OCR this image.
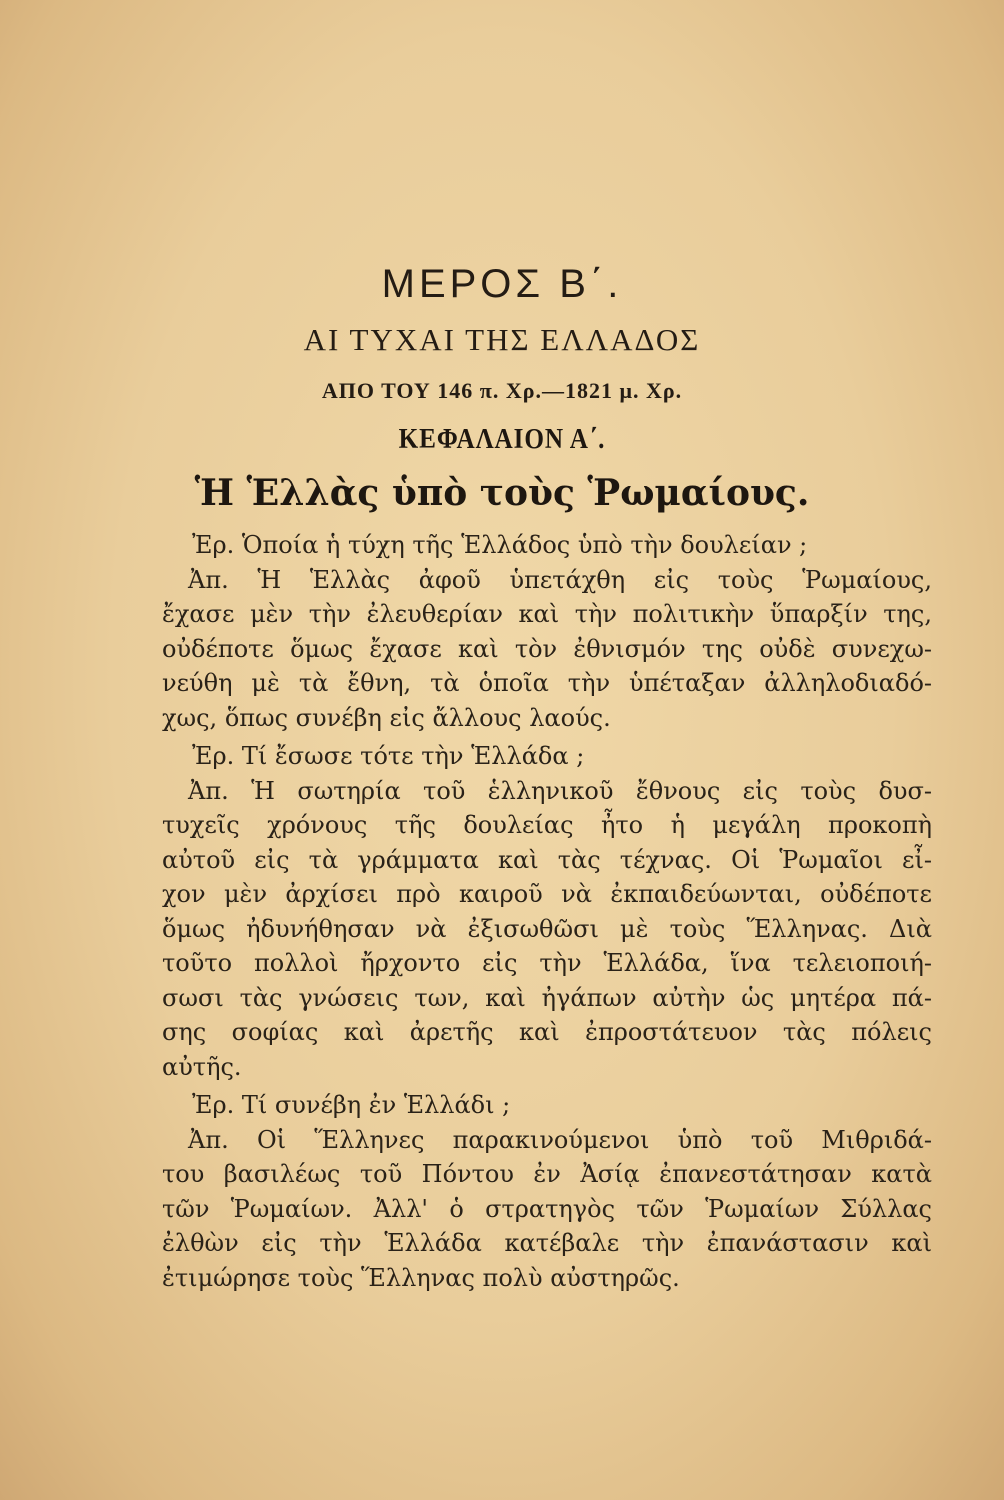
ΜΕΡΟΣ Β΄.
ΑΙ ΤΥΧΑΙ ΤΗΣ ΕΛΛΑΔΟΣ
ΑΠΟ ΤΟΥ 146 π. Χρ.—1821 μ. Χρ.
ΚΕΦΑΛΑΙΟΝ Α΄.
Ἡ Ἑλλὰς ὑπὸ τοὺς Ῥωμαίους.
Ἐρ. Ὁποία ἡ τύχη τῆς Ἑλλάδος ὑπὸ τὴν δουλείαν ;
Ἀπ. Ἡ Ἑλλὰς ἀφοῦ ὑπετάχθη εἰς τοὺς Ῥωμαίους,
ἔχασε μὲν τὴν ἐλευθερίαν καὶ τὴν πολιτικὴν ὕπαρξίν της,
οὐδέποτε ὅμως ἔχασε καὶ τὸν ἐθνισμόν της οὐδὲ συνεχω-
νεύθη μὲ τὰ ἔθνη, τὰ ὁποῖα τὴν ὑπέταξαν ἀλληλοδιαδό-
χως, ὅπως συνέβη εἰς ἄλλους λαούς.
Ἐρ. Τί ἔσωσε τότε τὴν Ἑλλάδα ;
Ἀπ. Ἡ σωτηρία τοῦ ἑλληνικοῦ ἔθνους εἰς τοὺς δυσ-
τυχεῖς χρόνους τῆς δουλείας ἦτο ἡ μεγάλη προκοπὴ
αὐτοῦ εἰς τὰ γράμματα καὶ τὰς τέχνας. Οἱ Ῥωμαῖοι εἶ-
χον μὲν ἀρχίσει πρὸ καιροῦ νὰ ἐκπαιδεύωνται, οὐδέποτε
ὅμως ἠδυνήθησαν νὰ ἐξισωθῶσι μὲ τοὺς Ἕλληνας. Διὰ
τοῦτο πολλοὶ ἤρχοντο εἰς τὴν Ἑλλάδα, ἵνα τελειοποιή-
σωσι τὰς γνώσεις των, καὶ ἠγάπων αὐτὴν ὡς μητέρα πά-
σης σοφίας καὶ ἀρετῆς καὶ ἐπροστάτευον τὰς πόλεις
αὐτῆς.
Ἐρ. Τί συνέβη ἐν Ἑλλάδι ;
Ἀπ. Οἱ Ἕλληνες παρακινούμενοι ὑπὸ τοῦ Μιθριδά-
του βασιλέως τοῦ Πόντου ἐν Ἀσίᾳ ἐπανεστάτησαν κατὰ
τῶν Ῥωμαίων. Ἀλλ' ὁ στρατηγὸς τῶν Ῥωμαίων Σύλλας
ἐλθὼν εἰς τὴν Ἑλλάδα κατέβαλε τὴν ἐπανάστασιν καὶ
ἐτιμώρησε τοὺς Ἕλληνας πολὺ αὐστηρῶς.
